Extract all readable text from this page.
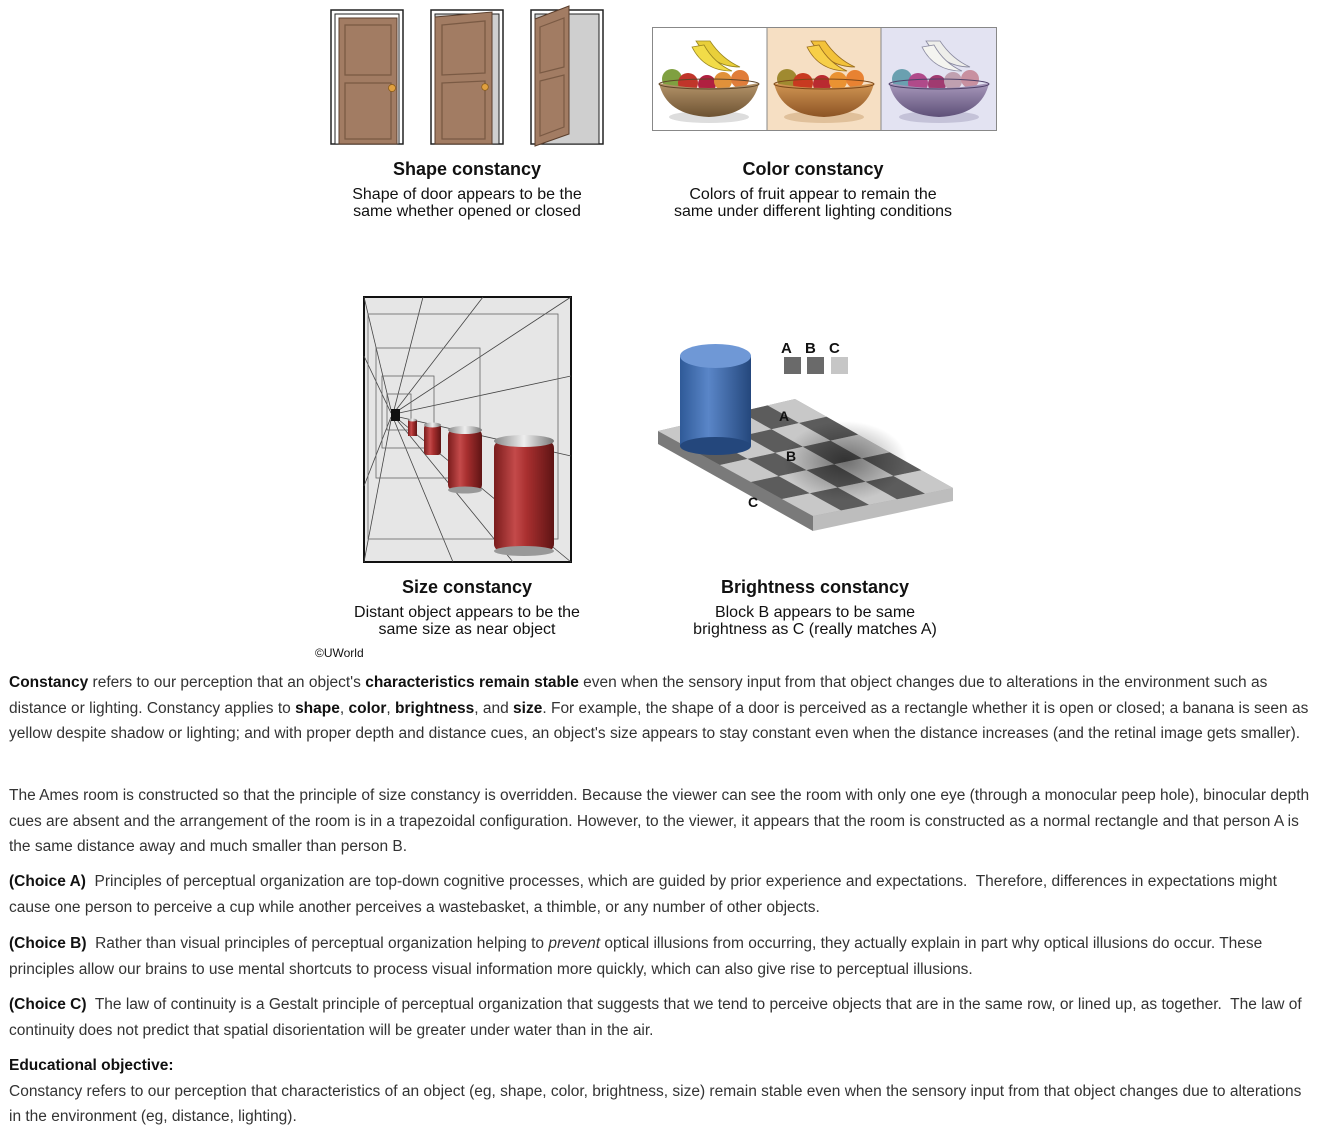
Shape constancy
Shape of door appears to be the
same whether opened or closed
Color constancy
Colors of fruit appear to remain the
same under different lighting conditions
Size constancy
Distant object appears to be the
same size as near object
©UWorld
A B C
A
B
C
Brightness constancy
Block B appears to be same
brightness as C (really matches A)

Constancy refers to our perception that an object's characteristics remain stable even when the sensory input from that object changes due to alterations in the environment such as distance or lighting. Constancy applies to shape, color, brightness, and size. For example, the shape of a door is perceived as a rectangle whether it is open or closed; a banana is seen as yellow despite shadow or lighting; and with proper depth and distance cues, an object's size appears to stay constant even when the distance increases (and the retinal image gets smaller).

The Ames room is constructed so that the principle of size constancy is overridden. Because the viewer can see the room with only one eye (through a monocular peep hole), binocular depth cues are absent and the arrangement of the room is in a trapezoidal configuration. However, to the viewer, it appears that the room is constructed as a normal rectangle and that person A is the same distance away and much smaller than person B.

(Choice A)  Principles of perceptual organization are top-down cognitive processes, which are guided by prior experience and expectations.  Therefore, differences in expectations might cause one person to perceive a cup while another perceives a wastebasket, a thimble, or any number of other objects.

(Choice B)  Rather than visual principles of perceptual organization helping to prevent optical illusions from occurring, they actually explain in part why optical illusions do occur. These principles allow our brains to use mental shortcuts to process visual information more quickly, which can also give rise to perceptual illusions.

(Choice C)  The law of continuity is a Gestalt principle of perceptual organization that suggests that we tend to perceive objects that are in the same row, or lined up, as together.  The law of continuity does not predict that spatial disorientation will be greater under water than in the air.

Educational objective:

Constancy refers to our perception that characteristics of an object (eg, shape, color, brightness, size) remain stable even when the sensory input from that object changes due to alterations in the environment (eg, distance, lighting).
